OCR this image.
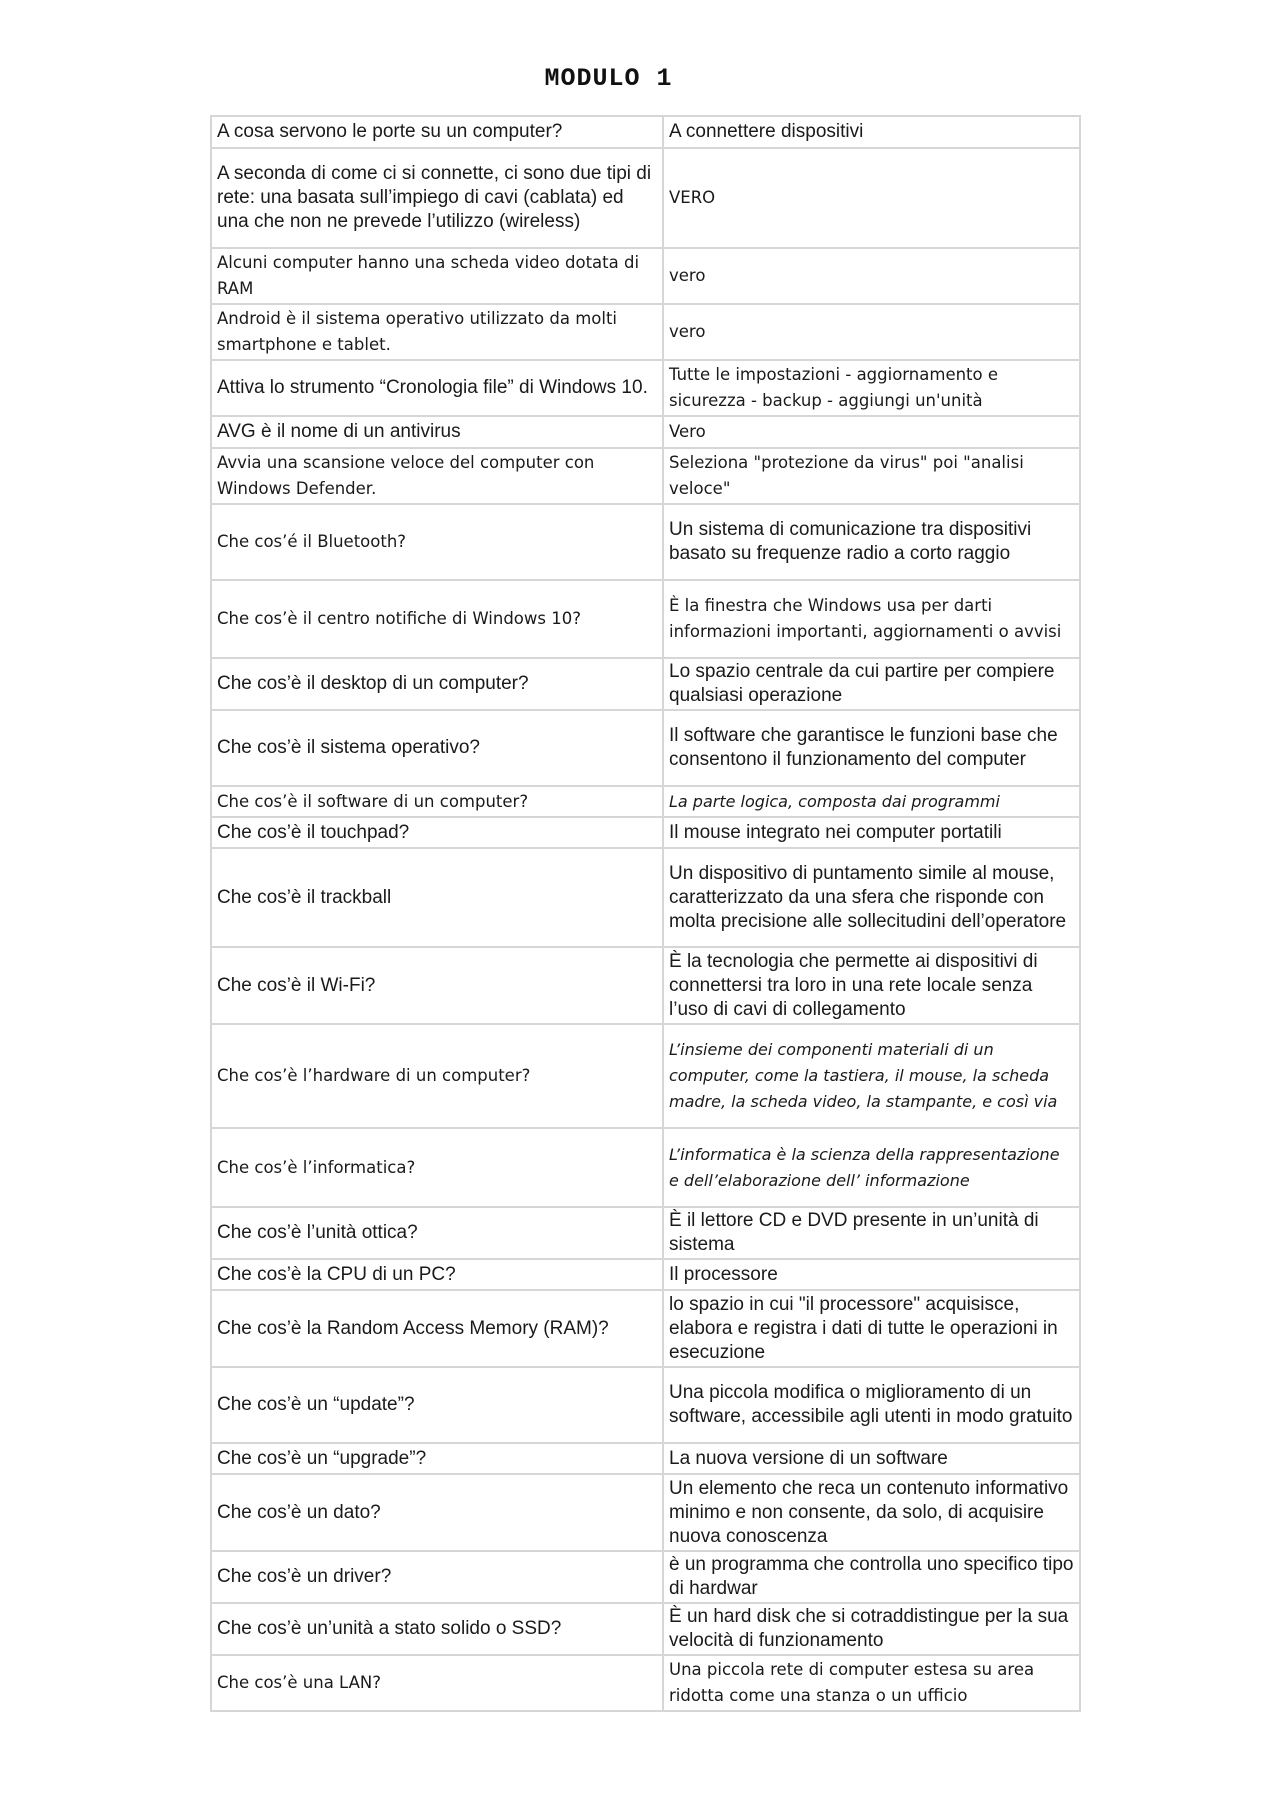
MODULO 1
A cosa servono le porte su un computer?	A connettere dispositivi
A seconda di come ci si connette, ci sono due tipi di rete: una basata sull’impiego di cavi (cablata) ed una che non ne prevede l’utilizzo (wireless)	VERO
Alcuni computer hanno una scheda video dotata di RAM	vero
Android è il sistema operativo utilizzato da molti smartphone e tablet.	vero
Attiva lo strumento “Cronologia file” di Windows 10.	Tutte le impostazioni - aggiornamento e sicurezza - backup - aggiungi un'unità
AVG è il nome di un antivirus	Vero
Avvia una scansione veloce del computer con Windows Defender.	Seleziona "protezione da virus" poi "analisi veloce"
Che cos’é il Bluetooth?	Un sistema di comunicazione tra dispositivi basato su frequenze radio a corto raggio
Che cos’è il centro notifiche di Windows 10?	È la finestra che Windows usa per darti informazioni importanti, aggiornamenti o avvisi
Che cos’è il desktop di un computer?	Lo spazio centrale da cui partire per compiere qualsiasi operazione
Che cos’è il sistema operativo?	Il software che garantisce le funzioni base che consentono il funzionamento del computer
Che cos’è il software di un computer?	La parte logica, composta dai programmi
Che cos’è il touchpad?	Il mouse integrato nei computer portatili
Che cos’è il trackball	Un dispositivo di puntamento simile al mouse, caratterizzato da una sfera che risponde con molta precisione alle sollecitudini dell’operatore
Che cos’è il Wi-Fi?	È la tecnologia che permette ai dispositivi di connettersi tra loro in una rete locale senza l’uso di cavi di collegamento
Che cos’è l’hardware di un computer?	L’insieme dei componenti materiali di un computer, come la tastiera, il mouse, la scheda madre, la scheda video, la stampante, e così via
Che cos’è l’informatica?	L’informatica è la scienza della rappresentazione e dell’elaborazione dell’ informazione
Che cos’è l’unità ottica?	È il lettore CD e DVD presente in un’unità di sistema
Che cos’è la CPU di un PC?	Il processore
Che cos’è la Random Access Memory (RAM)?	lo spazio in cui "il processore" acquisisce, elabora e registra i dati di tutte le operazioni in esecuzione
Che cos’è un “update”?	Una piccola modifica o miglioramento di un software, accessibile agli utenti in modo gratuito
Che cos’è un “upgrade”?	La nuova versione di un software
Che cos’è un dato?	Un elemento che reca un contenuto informativo minimo e non consente, da solo, di acquisire nuova conoscenza
Che cos’è un driver?	è un programma che controlla uno specifico tipo di hardwar
Che cos’è un’unità a stato solido o SSD?	È un hard disk che si cotraddistingue per la sua velocità di funzionamento
Che cos’è una LAN?	Una piccola rete di computer estesa su area ridotta come una stanza o un ufficio
